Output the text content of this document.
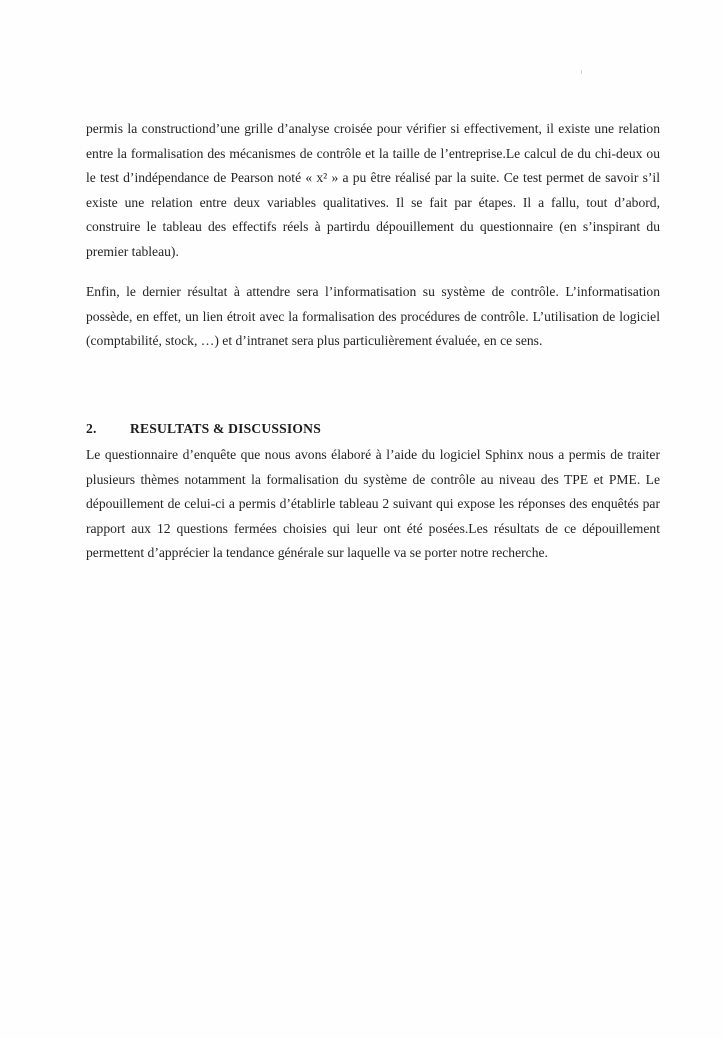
permis la constructiond’une grille d’analyse croisée pour vérifier si effectivement, il existe une relation entre la formalisation des mécanismes de contrôle et la taille de l’entreprise.Le calcul de du chi-deux ou le test d’indépendance de Pearson noté « x² » a pu être réalisé par la suite. Ce test permet de savoir s’il existe une relation entre deux variables qualitatives. Il se fait par étapes. Il a fallu, tout d’abord, construire le tableau des effectifs réels à partirdu dépouillement du questionnaire (en s’inspirant du premier tableau).

Enfin, le dernier résultat à attendre sera l’informatisation su système de contrôle. L’informatisation possède, en effet, un lien étroit avec la formalisation des procédures de contrôle. L’utilisation de logiciel (comptabilité, stock, …) et d’intranet sera plus particulièrement évaluée, en ce sens.

2. RESULTATS & DISCUSSIONS

Le questionnaire d’enquête que nous avons élaboré à l’aide du logiciel Sphinx nous a permis de traiter plusieurs thèmes notamment la formalisation du système de contrôle au niveau des TPE et PME. Le dépouillement de celui-ci a permis d’établirle tableau 2 suivant qui expose les réponses des enquêtés par rapport aux 12 questions fermées choisies qui leur ont été posées.Les résultats de ce dépouillement permettent d’apprécier la tendance générale sur laquelle va se porter notre recherche.
